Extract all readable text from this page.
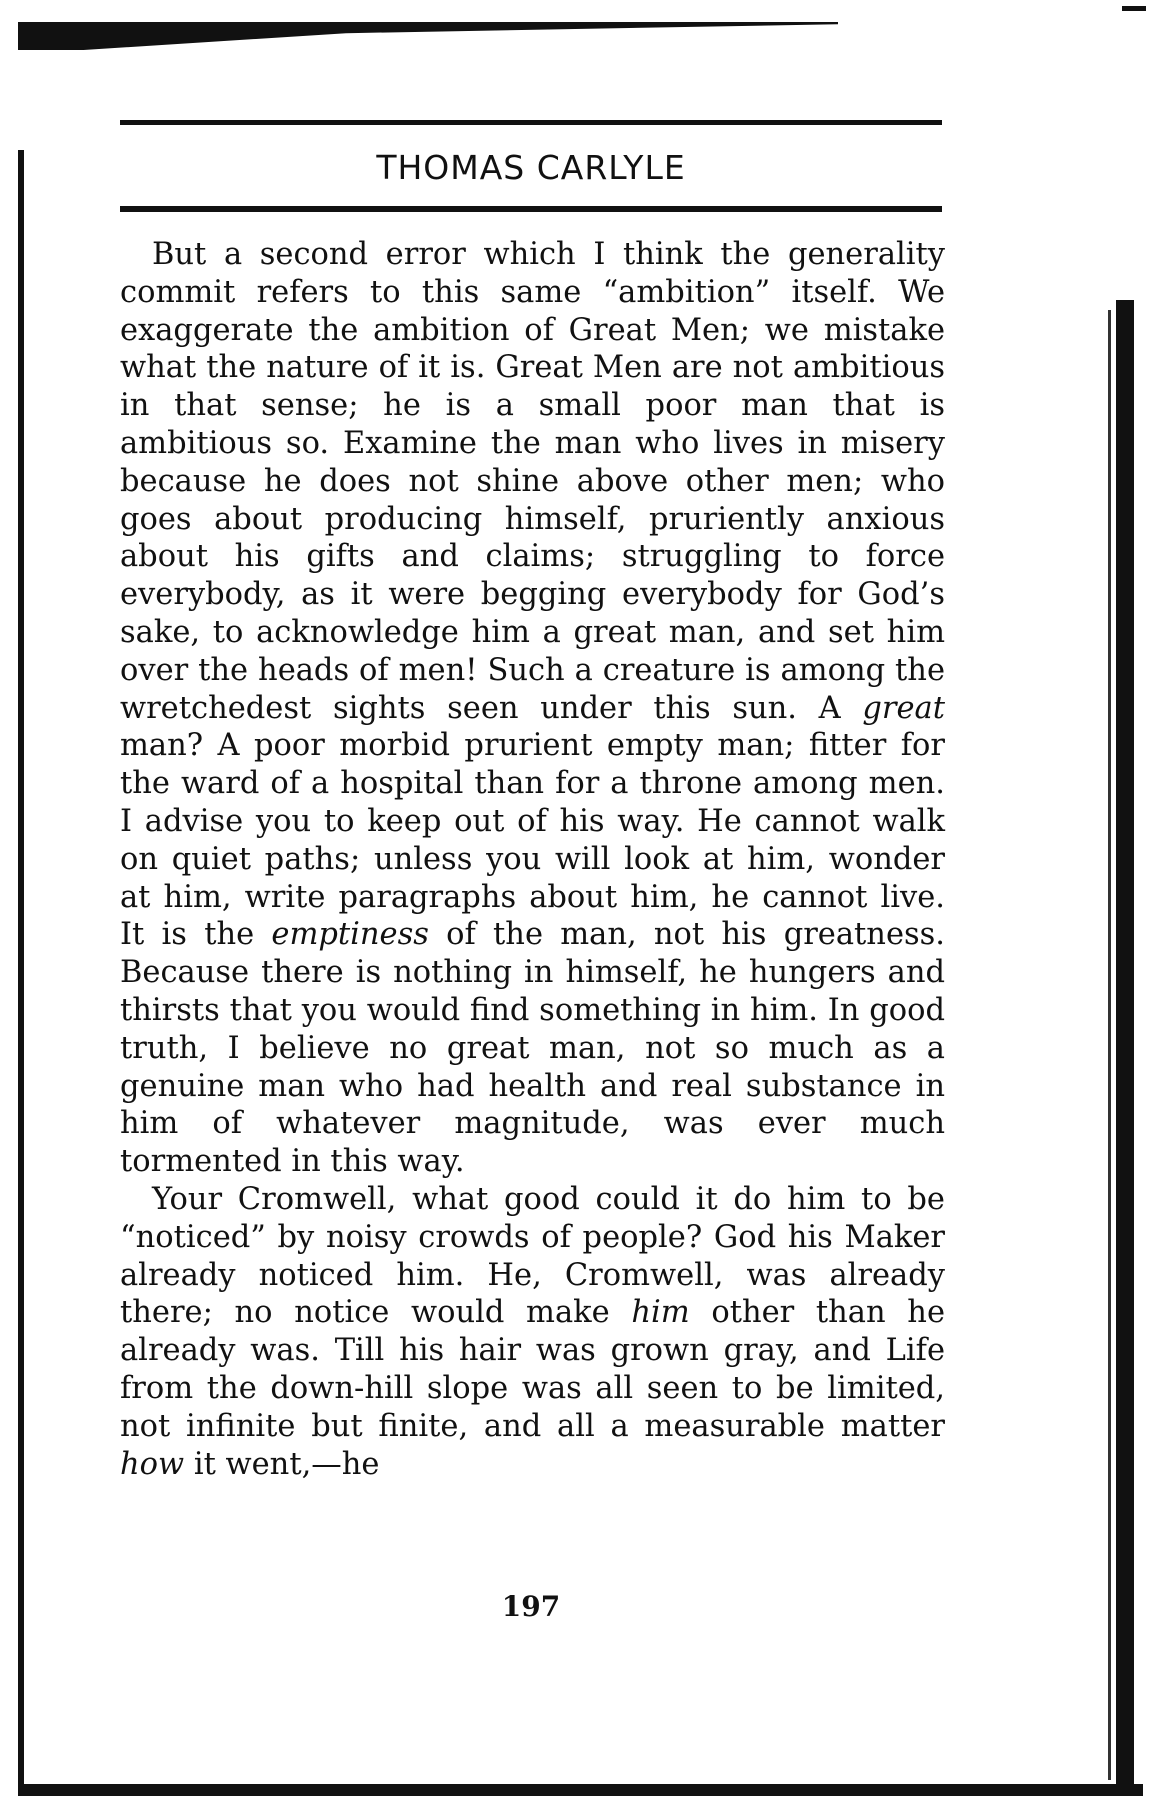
THOMAS CARLYLE

But a second error which I think the generality commit refers to this same “ambition” itself. We exaggerate the ambition of Great Men; we mistake what the nature of it is. Great Men are not ambitious in that sense; he is a small poor man that is ambitious so. Examine the man who lives in misery because he does not shine above other men; who goes about producing himself, pruriently anxious about his gifts and claims; struggling to force everybody, as it were begging everybody for God’s sake, to acknowledge him a great man, and set him over the heads of men! Such a creature is among the wretchedest sights seen under this sun. A great man? A poor morbid prurient empty man; fitter for the ward of a hospital than for a throne among men. I advise you to keep out of his way. He cannot walk on quiet paths; unless you will look at him, wonder at him, write paragraphs about him, he cannot live. It is the emptiness of the man, not his greatness. Because there is nothing in himself, he hungers and thirsts that you would find something in him. In good truth, I believe no great man, not so much as a genuine man who had health and real substance in him of whatever magnitude, was ever much tormented in this way.

Your Cromwell, what good could it do him to be “noticed” by noisy crowds of people? God his Maker already noticed him. He, Cromwell, was already there; no notice would make him other than he already was. Till his hair was grown gray, and Life from the down-hill slope was all seen to be limited, not infinite but finite, and all a measurable matter how it went,—he

197
